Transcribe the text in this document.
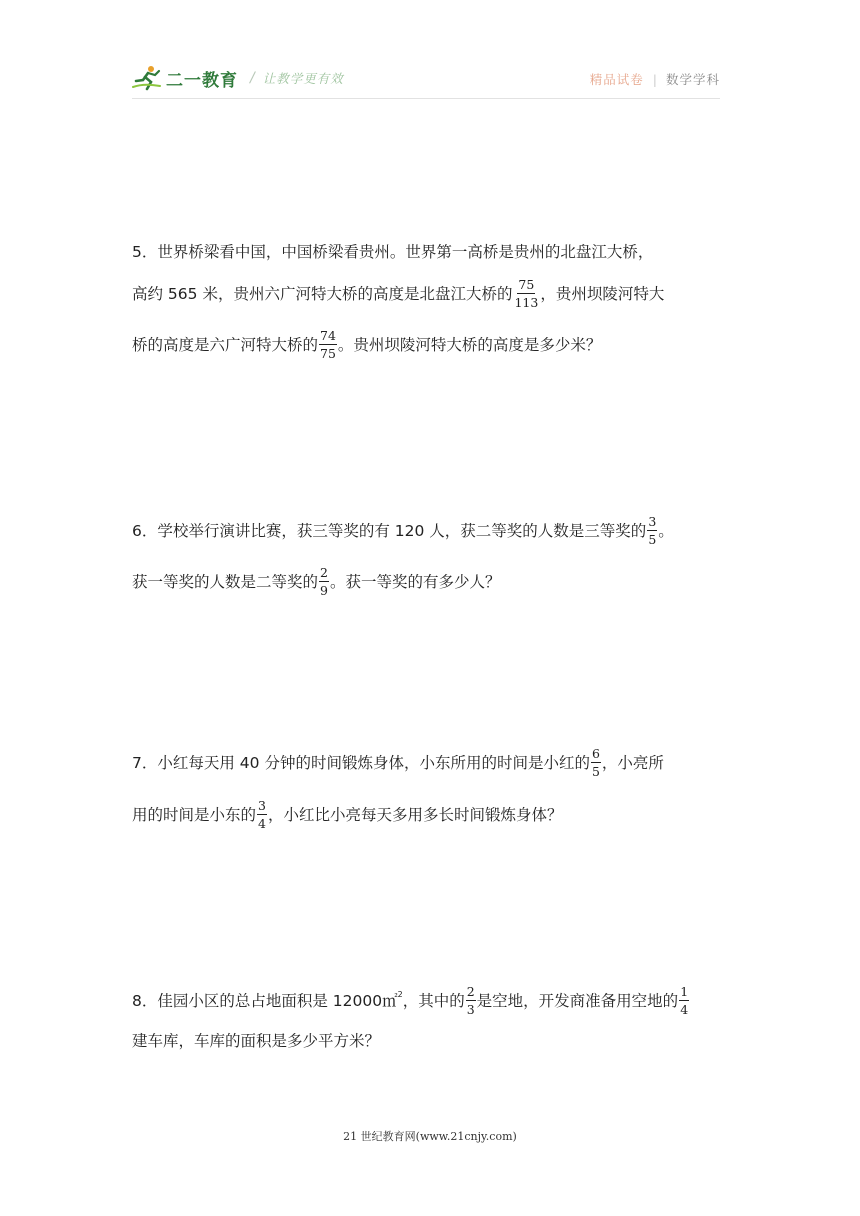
二一教育 / 让教学更有效	精品试卷 | 数学学科
5．世界桥梁看中国，中国桥梁看贵州。世界第一高桥是贵州的北盘江大桥，
高约 565 米，贵州六广河特大桥的高度是北盘江大桥的 $\frac{75}{113}$ ，贵州坝陵河特大
桥的高度是六广河特大桥的 $\frac{74}{75}$ 。贵州坝陵河特大桥的高度是多少米？
6．学校举行演讲比赛，获三等奖的有 120 人，获二等奖的人数是三等奖的 $\frac{3}{5}$ 。
获一等奖的人数是二等奖的 $\frac{2}{9}$ 。获一等奖的有多少人？
7．小红每天用 40 分钟的时间锻炼身体，小东所用的时间是小红的 $\frac{6}{5}$ ，小亮所
用的时间是小东的 $\frac{3}{4}$ ，小红比小亮每天多用多长时间锻炼身体？
8．佳园小区的总占地面积是 12000㎡ 2 ，其中的 $\frac{2}{3}$ 是空地，开发商准备用空地的 $\frac{1}{4}$
建车库，车库的面积是多少平方米？
21 世纪教育网(www.21cnjy.com)
